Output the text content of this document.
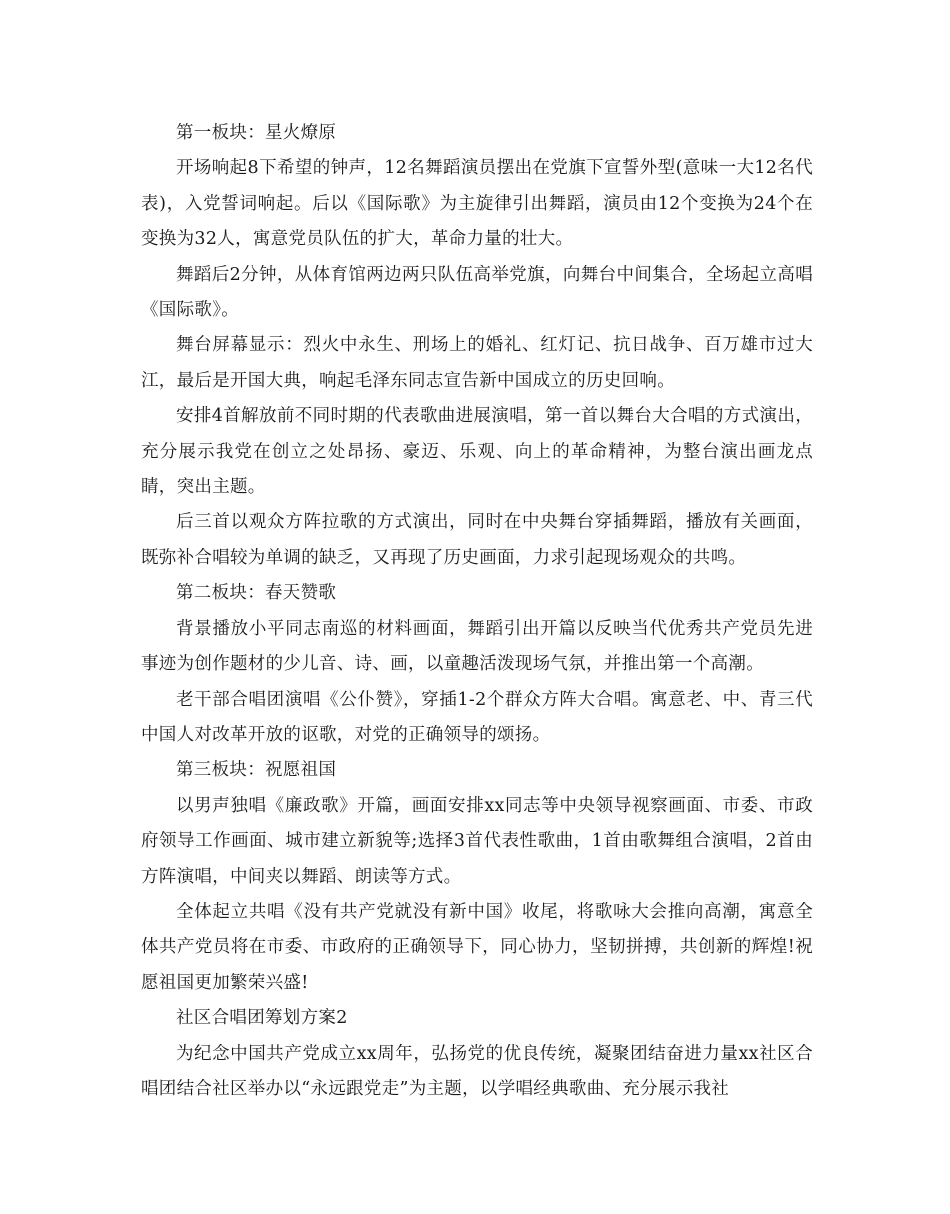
第一板块：星火燎原

开场响起8下希望的钟声，12名舞蹈演员摆出在党旗下宣誓外型(意味一大12名代表)，入党誓词响起。后以《国际歌》为主旋律引出舞蹈，演员由12个变换为24个在变换为32人，寓意党员队伍的扩大，革命力量的壮大。

舞蹈后2分钟，从体育馆两边两只队伍高举党旗，向舞台中间集合，全场起立高唱《国际歌》。

舞台屏幕显示：烈火中永生、刑场上的婚礼、红灯记、抗日战争、百万雄市过大江，最后是开国大典，响起毛泽东同志宣告新中国成立的历史回响。

安排4首解放前不同时期的代表歌曲进展演唱，第一首以舞台大合唱的方式演出，充分展示我党在创立之处昂扬、豪迈、乐观、向上的革命精神，为整台演出画龙点睛，突出主题。

后三首以观众方阵拉歌的方式演出，同时在中央舞台穿插舞蹈，播放有关画面，既弥补合唱较为单调的缺乏，又再现了历史画面，力求引起现场观众的共鸣。

第二板块：春天赞歌

背景播放小平同志南巡的材料画面，舞蹈引出开篇以反映当代优秀共产党员先进事迹为创作题材的少儿音、诗、画，以童趣活泼现场气氛，并推出第一个高潮。

老干部合唱团演唱《公仆赞》，穿插1-2个群众方阵大合唱。寓意老、中、青三代中国人对改革开放的讴歌，对党的正确领导的颂扬。

第三板块：祝愿祖国

以男声独唱《廉政歌》开篇，画面安排xx同志等中央领导视察画面、市委、市政府领导工作画面、城市建立新貌等;选择3首代表性歌曲，1首由歌舞组合演唱，2首由方阵演唱，中间夹以舞蹈、朗读等方式。

全体起立共唱《没有共产党就没有新中国》收尾，将歌咏大会推向高潮，寓意全体共产党员将在市委、市政府的正确领导下，同心协力，坚韧拼搏，共创新的辉煌!祝愿祖国更加繁荣兴盛!

社区合唱团筹划方案2

为纪念中国共产党成立xx周年，弘扬党的优良传统，凝聚团结奋进力量xx社区合唱团结合社区举办以“永远跟党走”为主题，以学唱经典歌曲、充分展示我社
